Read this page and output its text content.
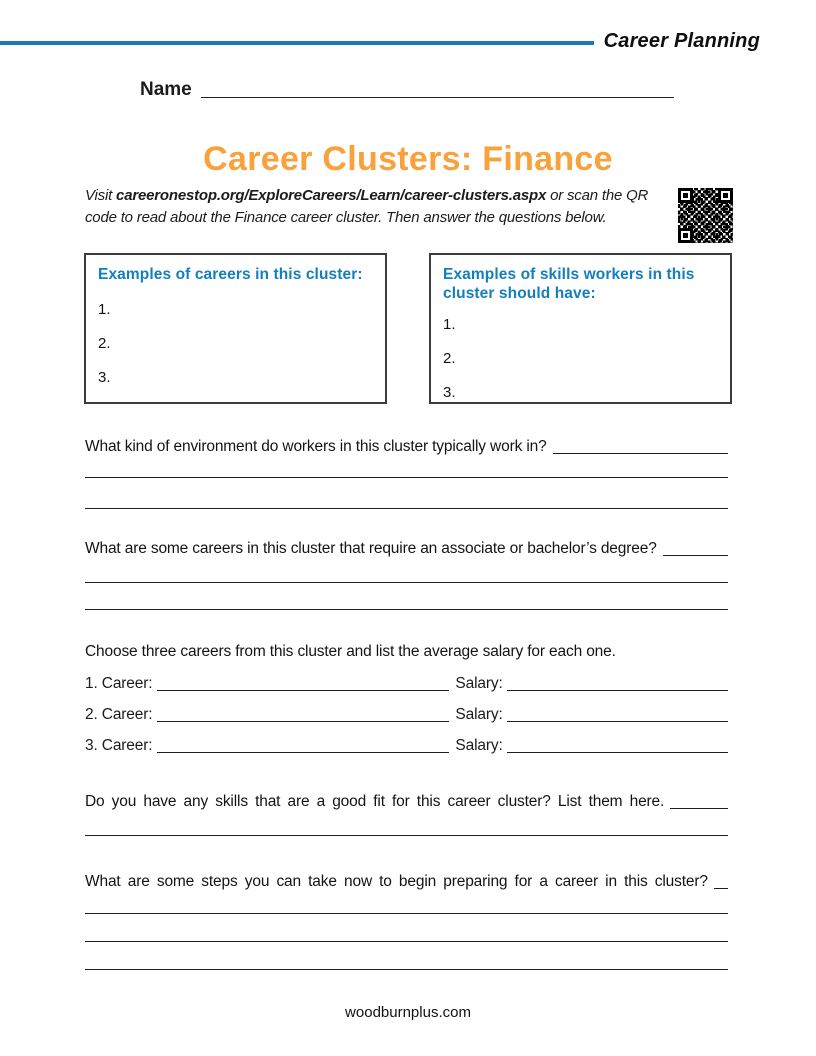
Career Planning
Name
Career Clusters: Finance
Visit careeronestop.org/ExploreCareers/Learn/career-clusters.aspx or scan the QR code to read about the Finance career cluster. Then answer the questions below.
Examples of careers in this cluster:
1.
2.
3.
Examples of skills workers in this cluster should have:
1.
2.
3.
What kind of environment do workers in this cluster typically work in?
What are some careers in this cluster that require an associate or bachelor’s degree?
Choose three careers from this cluster and list the average salary for each one.
1. Career:	Salary:
2. Career:	Salary:
3. Career:	Salary:
Do you have any skills that are a good fit for this career cluster? List them here.
What are some steps you can take now to begin preparing for a career in this cluster?
woodburnplus.com
